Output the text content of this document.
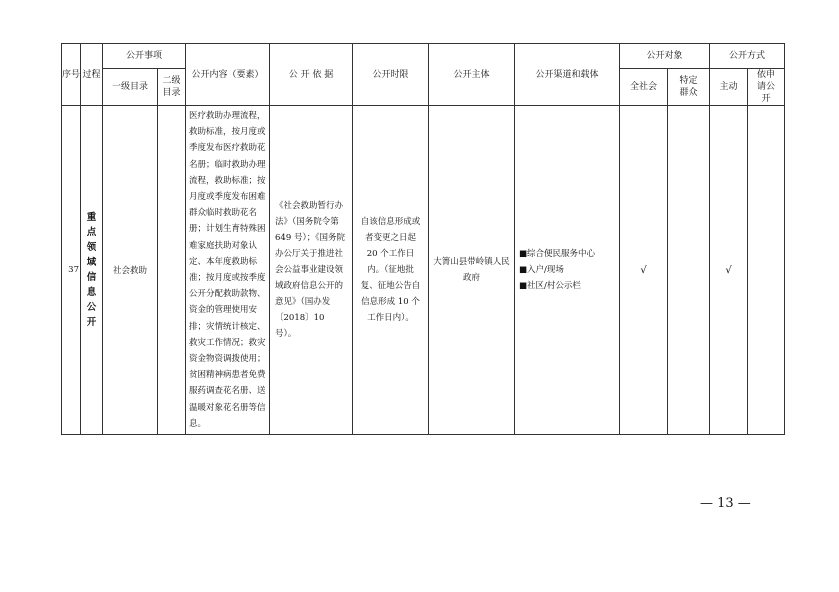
序号	过程	公开事项		公开内容（要素）	公 开 依 据	公开时限	公开主体	公开渠道和载体	公开对象		公开方式	
		一级目录	二级目录						全社会	特定群众	主动	依申请公开
37	重点领域信息公开	社会救助		医疗救助办理流程，救助标准，按月度或季度发布医疗救助花名册；临时救助办理流程，救助标准；按月度或季度发布困难群众临时救助花名册；计划生育特殊困难家庭扶助对象认定、本年度救助标准；按月度或按季度公开分配救助款物、资金的管理使用安排；灾情统计核定、救灾工作情况；救灾资金物资调拨使用；贫困精神病患者免费服药调查花名册、送温暖对象花名册等信息。	《社会救助暂行办法》（国务院令第 649 号）；《国务院办公厅关于推进社会公益事业建设领域政府信息公开的意见》（国办发〔2018〕10 号）。	自该信息形成或者变更之日起 20 个工作日内。（征地批复、征地公告自信息形成 10 个工作日内）。	大箐山县带岭镇人民政府	■综合便民服务中心
■入户/现场
■社区/村公示栏	√		√	
— 13 —
